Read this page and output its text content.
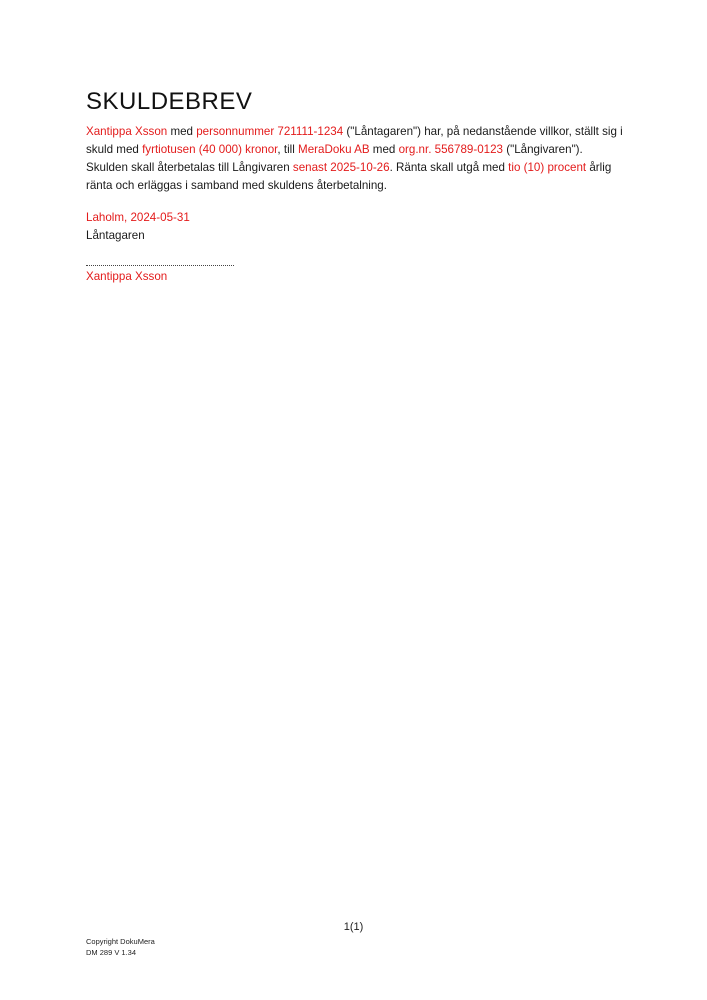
SKULDEBREV

Xantippa Xsson med personnummer 721111-1234 ("Låntagaren") har, på nedanstående villkor, ställt sig i skuld med fyrtiotusen (40 000) kronor, till MeraDoku AB med org.nr. 556789-0123 ("Långivaren"). Skulden skall återbetalas till Långivaren senast 2025-10-26. Ränta skall utgå med tio (10) procent årlig ränta och erläggas i samband med skuldens återbetalning.

Laholm, 2024-05-31
Låntagaren
Xantippa Xsson
1(1)
Copyright DokuMera
DM 289 V 1.34
